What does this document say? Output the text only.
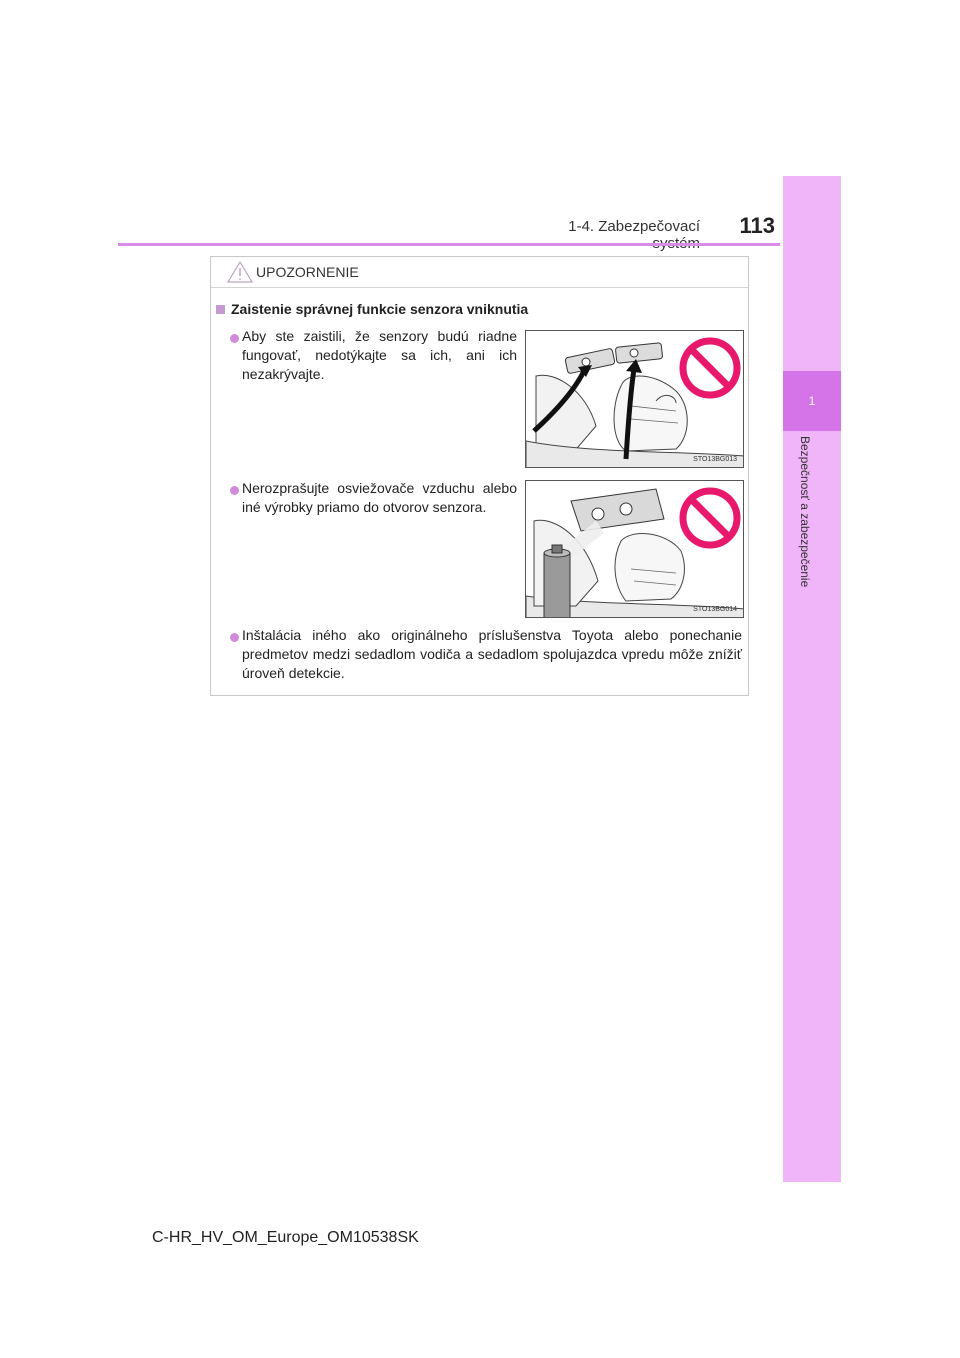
1-4. Zabezpečovací	113
1
Bezpečnosť a zabezpečenie
UPOZORNENIE
Zaistenie správnej funkcie senzora vniknutia
Aby ste zaistili, že senzory budú riadne fungovať, nedotýkajte sa ich, ani ich nezakrývajte.
STO13BG013
Nerozprašujte osviežovače vzduchu alebo iné výrobky priamo do otvorov senzora.
STO13BG014
Inštalácia iného ako originálneho príslušenstva Toyota alebo ponechanie predmetov medzi sedadlom vodiča a sedadlom spolujazdca vpredu môže znížiť úroveň detekcie.
C-HR_HV_OM_Europe_OM10538SK
